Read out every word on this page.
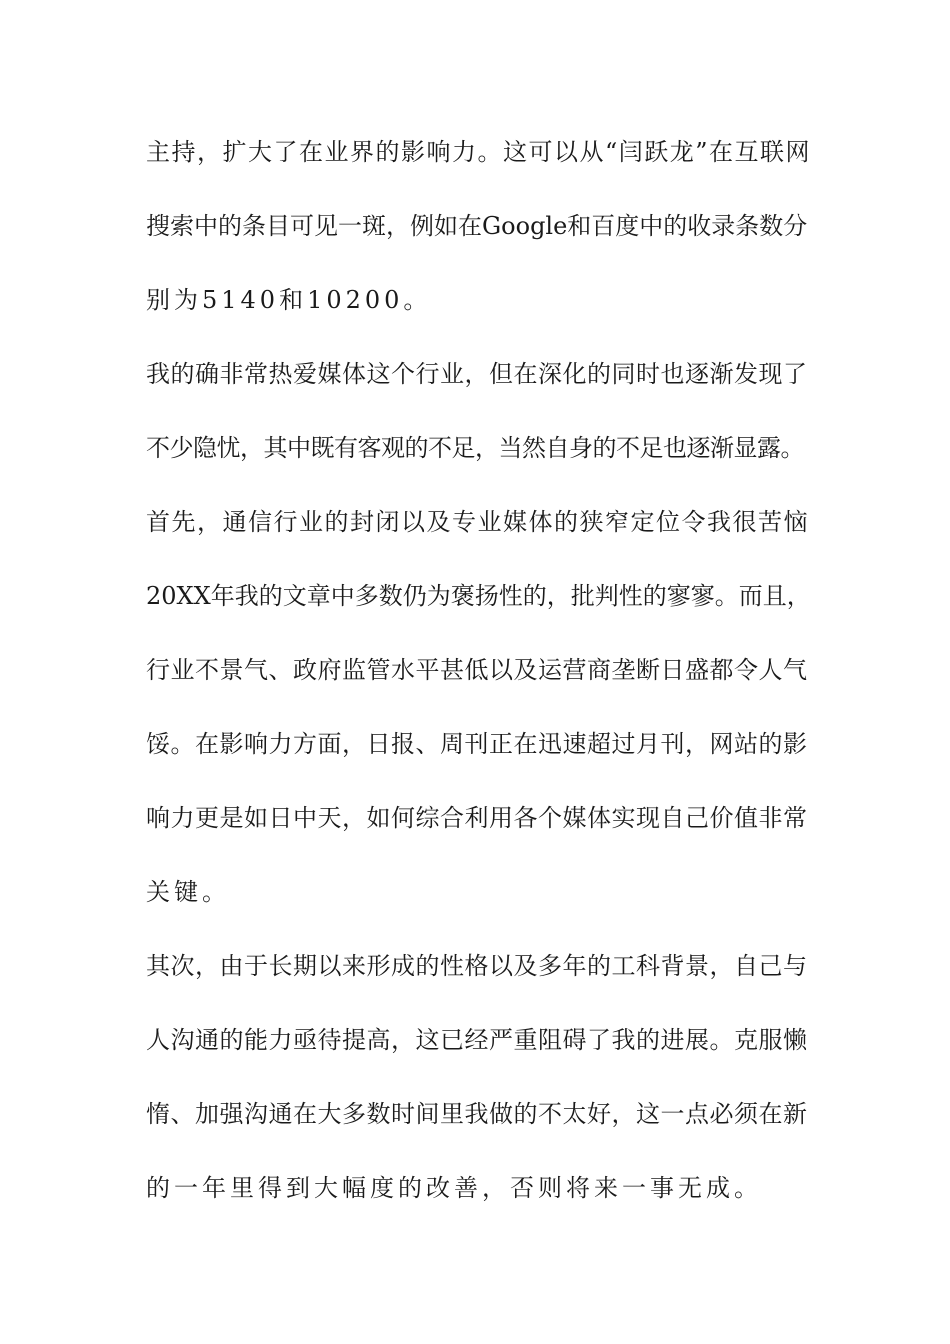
主持，扩大了在业界的影响力。这可以从“闫跃龙”在互联网
搜索中的条目可见一斑，例如在Google和百度中的收录条数分
别为5140和10200。
我的确非常热爱媒体这个行业，但在深化的同时也逐渐发现了
不少隐忧，其中既有客观的不足，当然自身的不足也逐渐显露。
首先，通信行业的封闭以及专业媒体的狭窄定位令我很苦恼
20XX年我的文章中多数仍为褒扬性的，批判性的寥寥。而且，
行业不景气、政府监管水平甚低以及运营商垄断日盛都令人气
馁。在影响力方面，日报、周刊正在迅速超过月刊，网站的影
响力更是如日中天，如何综合利用各个媒体实现自己价值非常
关键。
其次，由于长期以来形成的性格以及多年的工科背景，自己与
人沟通的能力亟待提高，这已经严重阻碍了我的进展。克服懒
惰、加强沟通在大多数时间里我做的不太好，这一点必须在新
的一年里得到大幅度的改善，否则将来一事无成。
